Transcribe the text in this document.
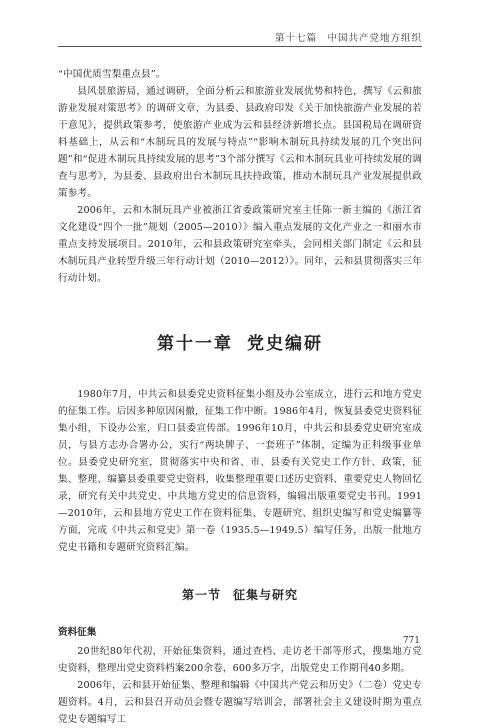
第十七篇　中国共产党地方组织

“中国优质雪梨重点县”。

县风景旅游局，通过调研，全面分析云和旅游业发展优势和特色，撰写《云和旅游业发展对策思考》的调研文章，为县委、县政府印发《关于加快旅游产业发展的若干意见》，提供政策参考，使旅游产业成为云和县经济新增长点。县国税局在调研资料基础上，从云和“木制玩具的发展与特点”“影响木制玩具持续发展的几个突出问题”和“促进木制玩具持续发展的思考”3个部分撰写《云和木制玩具业可持续发展的调查与思考》，为县委、县政府出台木制玩具扶持政策，推动木制玩具产业发展提供政策参考。

2006年，云和木制玩具产业被浙江省委政策研究室主任陈一新主编的《浙江省文化建设“四个一批”规划（2005—2010）》编入重点发展的文化产业之一和丽水市重点支持发展项目。2010年，云和县政策研究室牵头，会同相关部门制定《云和县木制玩具产业转型升级三年行动计划（2010—2012）》。同年，云和县贯彻落实三年行动计划。

第十一章 党史编研

1980年7月，中共云和县委党史资料征集小组及办公室成立，进行云和地方党史的征集工作。后因多种原因闲撤，征集工作中断。1986年4月，恢复县委党史资料征集小组，下设办公室，归口县委宣传部。1996年10月，中共云和县委党史研究室成员，与县方志办合署办公，实行“两块牌子、一套班子”体制，定编为正科级事业单位。县委党史研究室，贯彻落实中央和省、市、县委有关党史工作方针、政策，征集、整理、编纂县委重要党史资料，收集整理重要口述历史资料、重要党史人物回忆录，研究有关中共党史、中共地方党史的信息资料，编辑出版重要党史书刊。1991—2010年，云和县地方党史工作在资料征集、专题研究、组织史编写和党史编纂等方面，完成《中共云和党史》第一卷（1935.5—1949.5）编写任务，出版一批地方党史书籍和专题研究资料汇编。

第一节 征集与研究
资料征集

20世纪80年代初，开始征集资料，通过查档、走访老干部等形式，搜集地方党史资料，整理出党史资料档案200余卷，600多万字，出版党史工作期刊40多期。

2006年，云和县开始征集、整理和编辑《中国共产党云和历史》（二卷）党史专题资料。4月，云和县召开动员会暨专题编写培训会，部署社会主义建设时期为重点党史专题编写工

771
